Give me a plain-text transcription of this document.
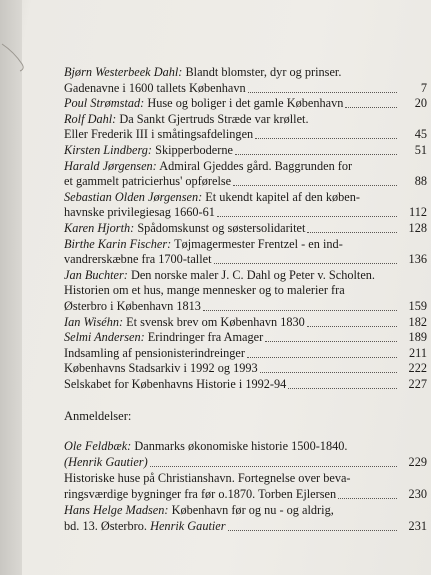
Bjørn Westerbeek Dahl: Blandt blomster, dyr og prinser.
Gadenavne i 1600 tallets København	7

Poul Strømstad: Huse og boliger i det gamle København	20

Rolf Dahl: Da Sankt Gjertruds Stræde var krøllet.
Eller Frederik III i småtingsafdelingen	45

Kirsten Lindberg: Skipperboderne	51

Harald Jørgensen: Admiral Gjeddes gård. Baggrunden for
et gammelt patricierhus' opførelse	88

Sebastian Olden Jørgensen: Et ukendt kapitel af den køben-
havnske privilegiesag 1660-61	112

Karen Hjorth: Spådomskunst og søstersolidaritet	128

Birthe Karin Fischer: Tøjmagermester Frentzel - en ind-
vandrerskæbne fra 1700-tallet	136

Jan Buchter: Den norske maler J. C. Dahl og Peter v. Scholten.
Historien om et hus, mange mennesker og to malerier fra
Østerbro i København 1813	159

Ian Wiséhn: Et svensk brev om København 1830	182

Selmi Andersen: Erindringer fra Amager	189

Indsamling af pensionisterindreinger	211

Københavns Stadsarkiv i 1992 og 1993	222

Selskabet for Københavns Historie i 1992-94	227

Anmeldelser:

Ole Feldbæk: Danmarks økonomiske historie 1500-1840.
(Henrik Gautier)	229

Historiske huse på Christianshavn. Fortegnelse over beva-
ringsværdige bygninger fra før o.1870. Torben Ejlersen	230

Hans Helge Madsen: København før og nu - og aldrig,
bd. 13. Østerbro. Henrik Gautier	231
